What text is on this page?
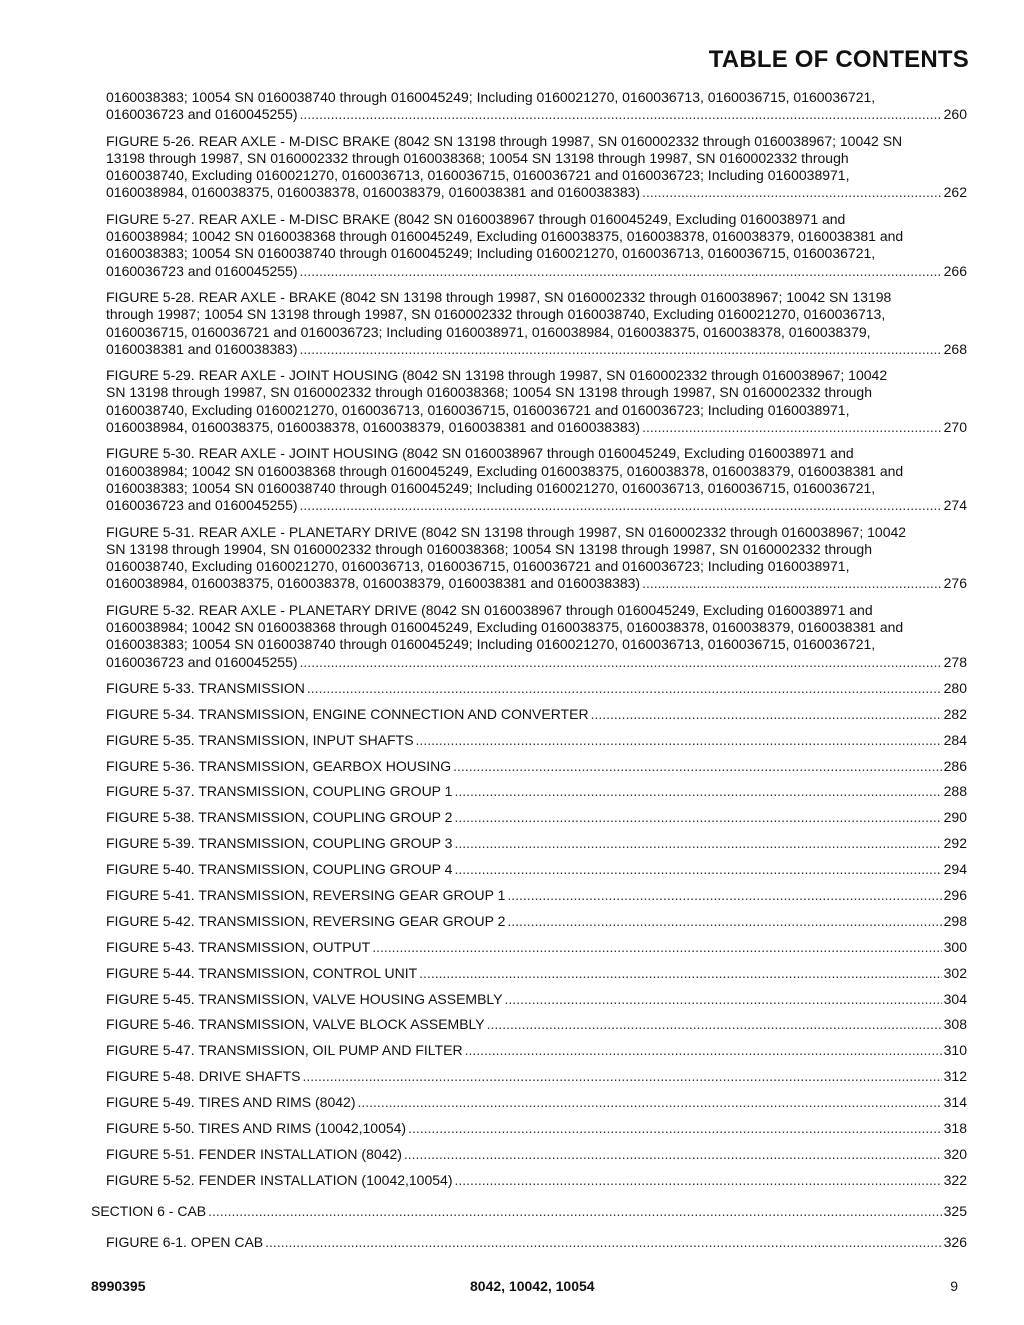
TABLE OF CONTENTS
0160038383; 10054 SN 0160038740 through 0160045249; Including 0160021270, 0160036713, 0160036715, 0160036721,
0160036723 and 0160045255) .....	260
FIGURE 5-26. REAR AXLE - M-DISC BRAKE (8042 SN 13198 through 19987, SN 0160002332 through 0160038967; 10042 SN
13198 through 19987, SN 0160002332 through 0160038368; 10054 SN 13198 through 19987, SN 0160002332 through
0160038740, Excluding 0160021270, 0160036713, 0160036715, 0160036721 and 0160036723; Including 0160038971,
0160038984, 0160038375, 0160038378, 0160038379, 0160038381 and 0160038383) .....	262
FIGURE 5-27. REAR AXLE - M-DISC BRAKE (8042 SN 0160038967 through 0160045249, Excluding 0160038971 and
0160038984; 10042 SN 0160038368 through 0160045249, Excluding 0160038375, 0160038378, 0160038379, 0160038381 and
0160038383; 10054 SN 0160038740 through 0160045249; Including 0160021270, 0160036713, 0160036715, 0160036721,
0160036723 and 0160045255) .....	266
FIGURE 5-28. REAR AXLE - BRAKE (8042 SN 13198 through 19987, SN 0160002332 through 0160038967; 10042 SN 13198
through 19987; 10054 SN 13198 through 19987, SN 0160002332 through 0160038740, Excluding 0160021270, 0160036713,
0160036715, 0160036721 and 0160036723; Including 0160038971, 0160038984, 0160038375, 0160038378, 0160038379,
0160038381 and 0160038383) .....	268
FIGURE 5-29. REAR AXLE - JOINT HOUSING (8042 SN 13198 through 19987, SN 0160002332 through 0160038967; 10042
SN 13198 through 19987, SN 0160002332 through 0160038368; 10054 SN 13198 through 19987, SN 0160002332 through
0160038740, Excluding 0160021270, 0160036713, 0160036715, 0160036721 and 0160036723; Including 0160038971,
0160038984, 0160038375, 0160038378, 0160038379, 0160038381 and 0160038383) .....	270
FIGURE 5-30. REAR AXLE - JOINT HOUSING (8042 SN 0160038967 through 0160045249, Excluding 0160038971 and
0160038984; 10042 SN 0160038368 through 0160045249, Excluding 0160038375, 0160038378, 0160038379, 0160038381 and
0160038383; 10054 SN 0160038740 through 0160045249; Including 0160021270, 0160036713, 0160036715, 0160036721,
0160036723 and 0160045255) .....	274
FIGURE 5-31. REAR AXLE - PLANETARY DRIVE (8042 SN 13198 through 19987, SN 0160002332 through 0160038967; 10042
SN 13198 through 19904, SN 0160002332 through 0160038368; 10054 SN 13198 through 19987, SN 0160002332 through
0160038740, Excluding 0160021270, 0160036713, 0160036715, 0160036721 and 0160036723; Including 0160038971,
0160038984, 0160038375, 0160038378, 0160038379, 0160038381 and 0160038383) .....	276
FIGURE 5-32. REAR AXLE - PLANETARY DRIVE (8042 SN 0160038967 through 0160045249, Excluding 0160038971 and
0160038984; 10042 SN 0160038368 through 0160045249, Excluding 0160038375, 0160038378, 0160038379, 0160038381 and
0160038383; 10054 SN 0160038740 through 0160045249; Including 0160021270, 0160036713, 0160036715, 0160036721,
0160036723 and 0160045255) .....	278
FIGURE 5-33. TRANSMISSION .....	280
FIGURE 5-34. TRANSMISSION, ENGINE CONNECTION AND CONVERTER .....	282
FIGURE 5-35. TRANSMISSION, INPUT SHAFTS .....	284
FIGURE 5-36. TRANSMISSION, GEARBOX HOUSING .....	286
FIGURE 5-37. TRANSMISSION, COUPLING GROUP 1 .....	288
FIGURE 5-38. TRANSMISSION, COUPLING GROUP 2 .....	290
FIGURE 5-39. TRANSMISSION, COUPLING GROUP 3 .....	292
FIGURE 5-40. TRANSMISSION, COUPLING GROUP 4 .....	294
FIGURE 5-41. TRANSMISSION, REVERSING GEAR GROUP 1 .....	296
FIGURE 5-42. TRANSMISSION, REVERSING GEAR GROUP 2 .....	298
FIGURE 5-43. TRANSMISSION, OUTPUT .....	300
FIGURE 5-44. TRANSMISSION, CONTROL UNIT .....	302
FIGURE 5-45. TRANSMISSION, VALVE HOUSING ASSEMBLY .....	304
FIGURE 5-46. TRANSMISSION, VALVE BLOCK ASSEMBLY .....	308
FIGURE 5-47. TRANSMISSION, OIL PUMP AND FILTER .....	310
FIGURE 5-48. DRIVE SHAFTS .....	312
FIGURE 5-49. TIRES AND RIMS (8042) .....	314
FIGURE 5-50. TIRES AND RIMS (10042,10054) .....	318
FIGURE 5-51. FENDER INSTALLATION (8042) .....	320
FIGURE 5-52. FENDER INSTALLATION (10042,10054) .....	322
SECTION 6 - CAB .....	325
FIGURE 6-1. OPEN CAB .....	326
8990395	8042, 10042, 10054	9
